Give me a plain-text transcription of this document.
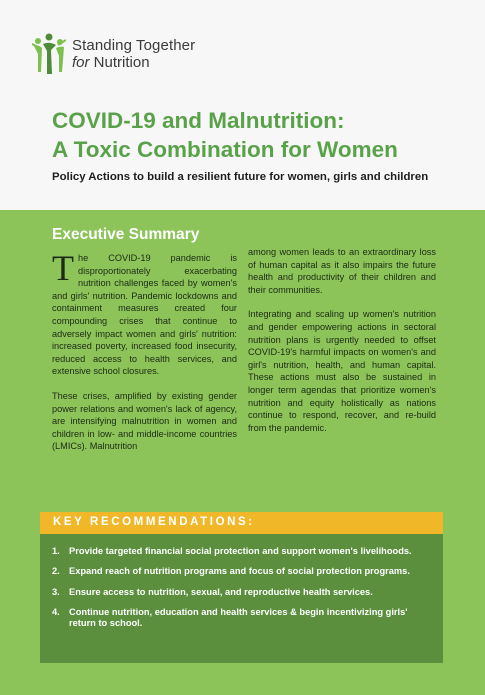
Standing Together
for Nutrition
COVID-19 and Malnutrition:
A Toxic Combination for Women
Policy Actions to build a resilient future for women, girls and children
Executive Summary

The COVID-19 pandemic is disproportionately exacerbating nutrition challenges faced by women's and girls' nutrition. Pandemic lockdowns and containment measures created four compounding crises that continue to adversely impact women and girls' nutrition: increased poverty, increased food insecurity, reduced access to health services, and extensive school closures.

These crises, amplified by existing gender power relations and women's lack of agency, are intensifying malnutrition in women and children in low- and middle-income countries (LMICs). Malnutrition

among women leads to an extraordinary loss of human capital as it also impairs the future health and productivity of their children and their communities.

Integrating and scaling up women's nutrition and gender empowering actions in sectoral nutrition plans is urgently needed to offset COVID-19's harmful impacts on women's and girl's nutrition, health, and human capital. These actions must also be sustained in longer term agendas that prioritize women's nutrition and equity holistically as nations continue to respond, recover, and re-build from the pandemic.

KEY RECOMMENDATIONS:
1. Provide targeted financial social protection and support women's livelihoods.
2. Expand reach of nutrition programs and focus of social protection programs.
3. Ensure access to nutrition, sexual, and reproductive health services.
4. Continue nutrition, education and health services & begin incentivizing girls' return to school.
